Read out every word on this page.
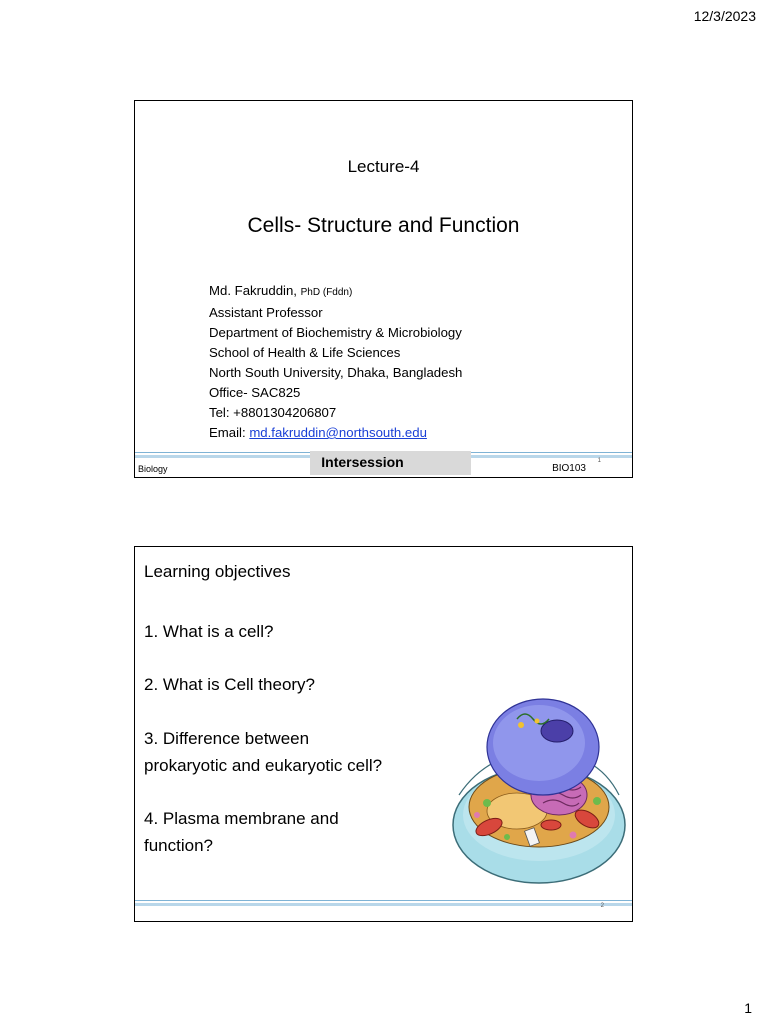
12/3/2023
Lecture-4
Cells- Structure and Function
Md. Fakruddin, PhD (Fddn)
Assistant Professor
Department of Biochemistry & Microbiology
School of Health & Life Sciences
North South University, Dhaka, Bangladesh
Office- SAC825
Tel: +8801304206807
Email: md.fakruddin@northsouth.edu
Biology	Intersession	BIO103
1
Learning objectives
1. What is a cell?
2. What is Cell theory?
3. Difference between
prokaryotic and eukaryotic cell?
4. Plasma membrane and
function?
2
1
